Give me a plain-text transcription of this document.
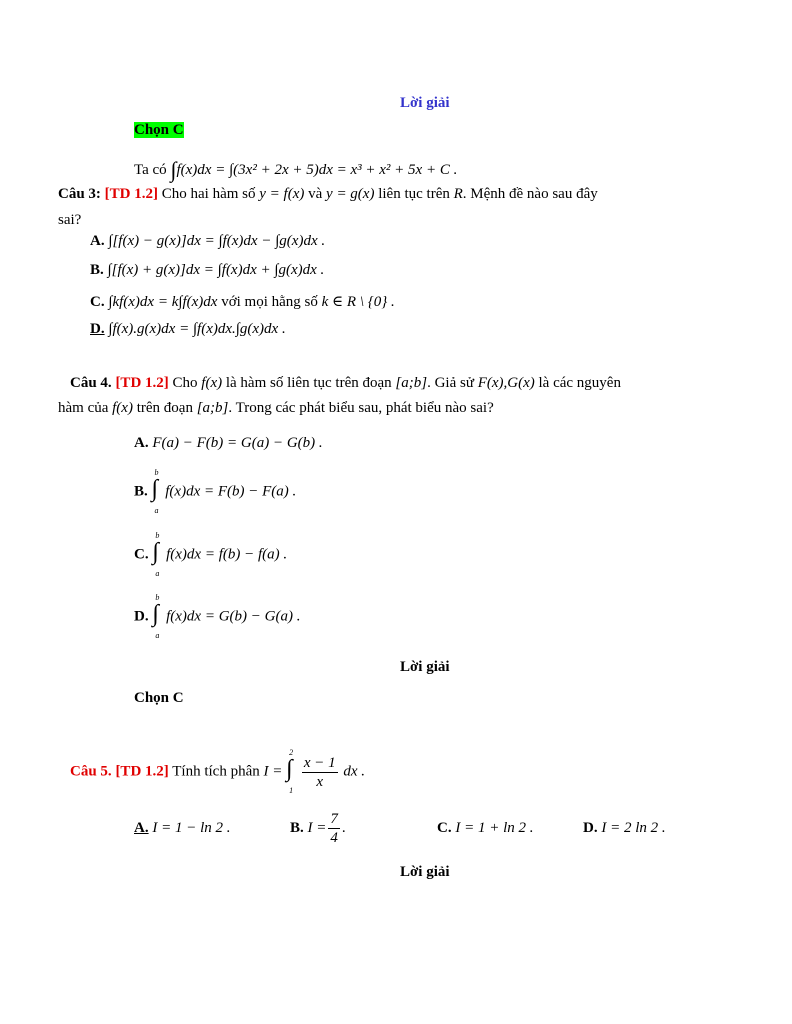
Lời giải
Chọn C
Ta có ∫f(x)dx = ∫(3x² + 2x + 5)dx = x³ + x² + 5x + C .
Câu 3: [TD 1.2] Cho hai hàm số y = f(x) và y = g(x) liên tục trên R. Mệnh đề nào sau đây
sai?
A. ∫[f(x) − g(x)]dx = ∫f(x)dx − ∫g(x)dx .
B. ∫[f(x) + g(x)]dx = ∫f(x)dx + ∫g(x)dx .
C. ∫kf(x)dx = k∫f(x)dx với mọi hằng số k ∈ R \ {0} .
D. ∫f(x).g(x)dx = ∫f(x)dx.∫g(x)dx .
Câu 4. [TD 1.2] Cho f(x) là hàm số liên tục trên đoạn [a;b]. Giả sử F(x),G(x) là các nguyên
hàm của f(x) trên đoạn [a;b]. Trong các phát biểu sau, phát biểu nào sai?
A. F(a) − F(b) = G(a) − G(b) .
B. ∫
b
a
f(x)dx = F(b) − F(a) .
C. ∫
b
a
f(x)dx = f(b) − f(a) .
D. ∫
b
a
f(x)dx = G(b) − G(a) .
Lời giải
Chọn C
Câu 5. [TD 1.2] Tính tích phân I = ∫
2
1
$\frac{x - 1}{x}$ dx .
A. I = 1 − ln 2 .	B. $I = \frac{7}{4}$ .	C. I = 1 + ln 2 .	D. I = 2 ln 2 .
Lời giải
